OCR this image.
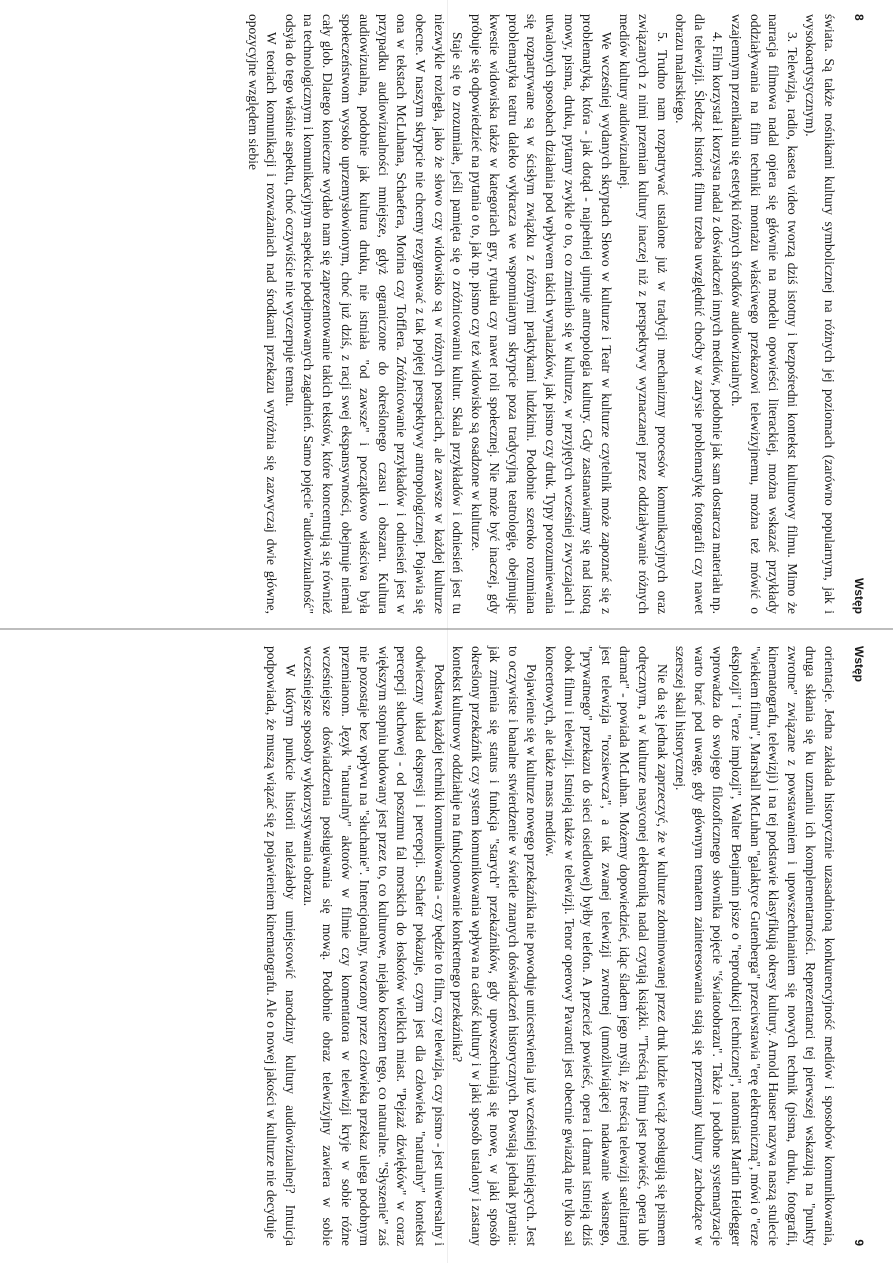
8
Wstęp

świata. Są także nośnikami kultury symbolicznej na różnych jej poziomach (zarówno popularnym, jak i wysokoartystycznym).

3. Telewizja, radio, kaseta video tworzą dziś istotny i bezpośredni kontekst kulturowy filmu. Mimo że narracja filmowa nadal opiera się głównie na modelu opowieści literackiej, można wskazać przykłady oddziaływania na film techniki montażu właściwego przekazowi telewizyjnemu, można też mówić o wzajemnym przenikaniu się estetyki różnych środków audiowizualnych.

4. Film korzystał i korzysta nadal z doświadczeń innych mediów, podobnie jak sam dostarcza materiału np. dla telewizji. Śledząc historię filmu trzeba uwzględnić choćby w zarysie problematykę fotografii czy nawet obrazu malarskiego.

5. Trudno nam rozpatrywać ustalone już w tradycji mechanizmy procesów komunikacyjnych oraz związanych z nimi przemian kultury inaczej niż z perspektywy wyznaczanej przez oddziaływanie różnych mediów kultury audiowizualnej.

We wcześniej wydanych skryptach Słowo w kulturze i Teatr w kulturze czytelnik może zapoznać się z problematyką, która - jak dotąd - najpełniej ujmuje antropologia kultury. Gdy zastanawiamy się nad istotą mowy, pisma, druku, pytamy zwykle o to, co zmieniło się w kulturze, w przyjętych wcześniej zwyczajach i utwalonych sposobach działania pod wpływem takich wynalazków, jak pismo czy druk. Typy porozumiewania się rozpatrywane są w ścisłym związku z różnymi praktykami ludzkimi. Podobnie szeroko rozumiana problematyka teatru daleko wykracza we wspomnianym skrypcie poza tradycyjną teatrologię, obejmując kwestie widowiska także w kategoriach gry, rytuału czy nawet roli społecznej. Nie może być inaczej, gdy próbuje się odpowiedzieć na pytania o to, jak np. pismo czy też widowisko są osadzone w kulturze.

Staje się to zrozumiałe, jeśli pamięta się o zróżnicowaniu kultur. Skala przykładów i odniesień jest tu niezwykle rozległa, jako że słowo czy widowisko są w różnych postaciach, ale zawsze w każdej kulturze obecne. W naszym skrypcie nie chcemy rezygnować z tak pojętej perspektywy antropologicznej. Pojawia się ona w tekstach McLuhana, Schaefera, Morina czy Tofflera. Zróżnicowanie przykładów i odniesień jest w przypadku audiowizualności mniejsze, gdyż ograniczone do określonego czasu i obszaru. Kultura audiowizualna, podobnie jak kultura druku, nie istniała "od zawsze" i początkowo właściwa była społeczeństwom wysoko uprzemysłowionym, choć już dziś, z racji swej ekspansywności, obejmuje niemal cały glob. Dlatego konieczne wydało nam się zaprezentowanie takich tekstów, które koncentrują się również na technologicznym i komunikacyjnym aspekcie podejmowanych zagadnień. Samo pojęcie "audiowizualność" odsyła do tego właśnie aspektu, choć oczywiście nie wyczerpuje tematu.

W teoriach komunikacji i rozważaniach nad środkami przekazu wyróżnia się zazwyczaj dwie główne, opozycyjne względem siebie

Wstęp
9

orientacje. Jedna zakłada historycznie uzasadnioną konkurencyjność mediów i sposobów komunikowania, druga skłania się ku uznaniu ich komplementarności. Reprezentanci tej pierwszej wskazują na "punkty zwrotne" związane z powstawaniem i upowszechnianiem się nowych technik (pisma, druku, fotografii, kinematografu, telewizji) i na tej podstawie klasyfikują okresy kultury. Arnold Hauser nazywa naszą stulecie "wiekiem filmu", Marshall McLuhan "galaktyce Gutenberga" przeciwstawia "erę elektroniczną", mówi o "erze eksplozji" i "erze implozji", Walter Benjamin pisze o "reprodukcji technicznej", natomiast Martin Heidegger wprowadza do swojego filozoficznego słownika pojęcie "światoobrazu". Także i podobne systematyzacje warto brać pod uwagę, gdy głównym tematem zainteresowania stają się przemiany kultury zachodzące w szerszej skali historycznej.

Nie da się jednak zaprzeczyć, że w kulturze zdominowanej przez druk ludzie wciąż posługują się pismem odręcznym, a w kulturze nasyconej elektroniką nadal czytają książki. "Treścią filmu jest powieść, opera lub dramat" - powiada McLuhan. Możemy dopowiedzieć, idąc śladem jego myśli, że treścią telewizji satelitarnej jest telewizja "rozsiewcza", a tak zwanej telewizji zwrotnej (umożliwiającej nadawanie własnego, "prywatnego" przekazu do sieci osiedlowej) byłby telefon. A przecież powieść, opera i dramat istnieją dziś obok filmu i telewizji. Istnieją także w telewizji. Tenor operowy Pavarotti jest obecnie gwiazdą nie tylko sal koncertowych, ale także mass mediów.

Pojawienie się w kulturze nowego przekaźnika nie powoduje unicestwienia już wcześniej istniejących. Jest to oczywiste i banalne stwierdzenie w świetle znanych doświadczeń historycznych. Powstają jednak pytania: jak zmienia się status i funkcja "starych" przekaźników, gdy upowszechniają się nowe, w jaki sposób określony przekaźnik czy system komunikowania wpływa na całość kultury i w jaki sposób ustalony i zastany kontekst kulturowy oddziałuje na funkcjonowanie konkretnego przekaźnika?

Podstawą każdej techniki komunikowania - czy będzie to film, czy telewizja, czy pismo - jest uniwersalny i odwieczny układ ekspresji i percepcji. Schafer pokazuje, czym jest dla człowieka "naturalny" kontekst percepcji słuchowej - od poszumu fal morskich do łoskotów wielkich miast. "Pejzaż dźwięków" w coraz większym stopniu budowany jest przez to, co kulturowe, niejako kosztem tego, co naturalne. "Słyszenie" zaś nie pozostaje bez wpływu na "słuchanie". Intencjonalny, tworzony przez człowieka przekaz ulega podobnym przemianom. Język "naturalny" aktorów w filmie czy komentatora w telewizji kryje w sobie różne wcześniejsze doświadczenia posługiwania się mową. Podobnie obraz telewizyjny zawiera w sobie wcześniejsze sposoby wykorzystywania obrazu.

W którym punkcie historii należałoby umiejscowić narodziny kultury audiowizualnej? Intuicja podpowiada, że muszą wiązać się z pojawieniem kinematografu. Ale o nowej jakości w kulturze nie decyduje
